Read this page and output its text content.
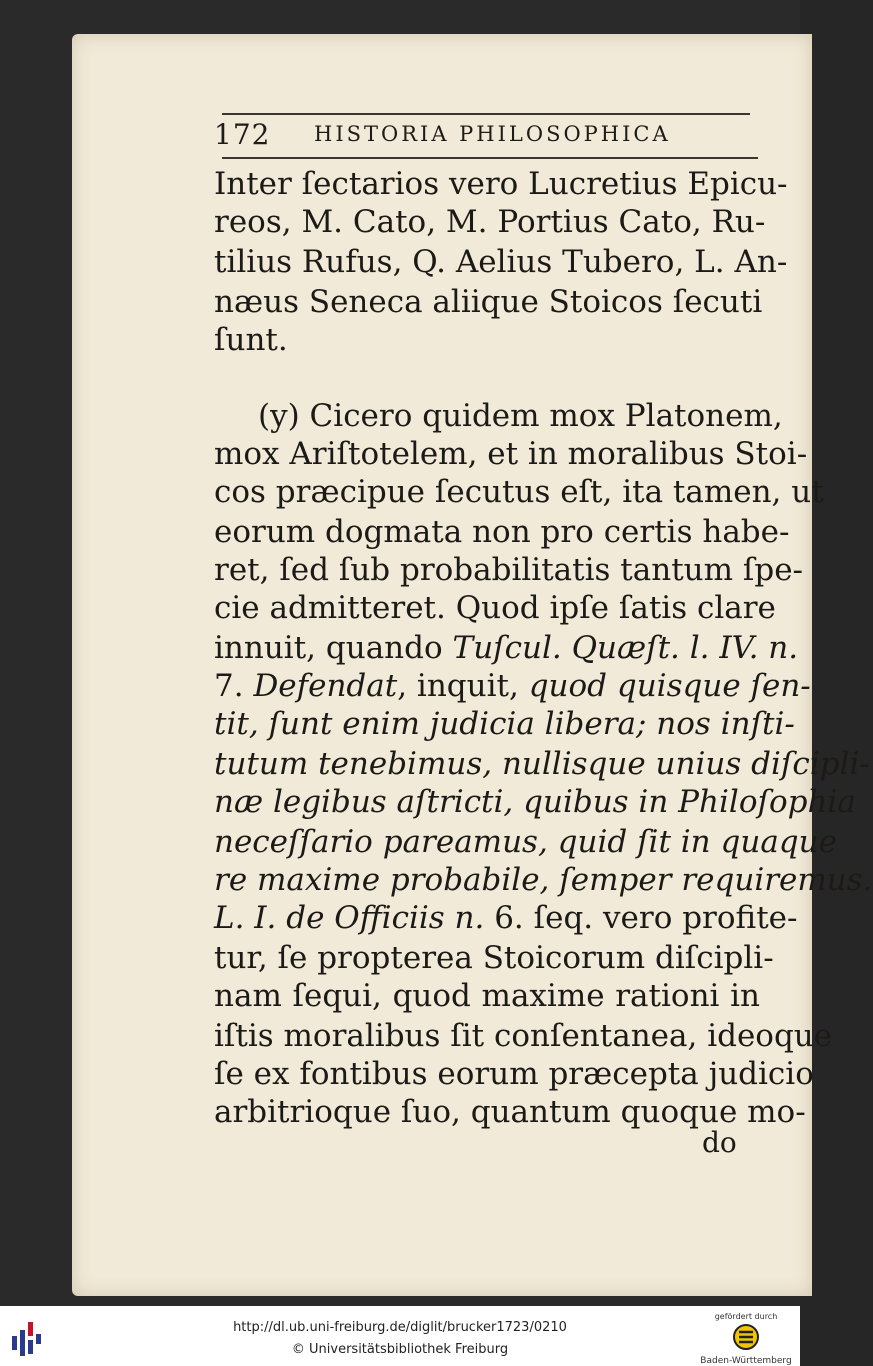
172 HISTORIA PHILOSOPHICA
Inter ſectarios vero Lucretius Epicu-
reos, M. Cato, M. Portius Cato, Ru-
tilius Rufus, Q. Aelius Tubero, L. An-
næus Seneca aliique Stoicos ſecuti
ſunt.
(y) Cicero quidem mox Platonem,
mox Ariſtotelem, et in moralibus Stoi-
cos præcipue ſecutus eſt, ita tamen, ut
eorum dogmata non pro certis habe-
ret, ſed ſub probabilitatis tantum ſpe-
cie admitteret. Quod ipſe ſatis clare
innuit, quando Tuſcul. Quæſt. l. IV. n.
7. Defendat, inquit, quod quisque ſen-
tit, ſunt enim judicia libera; nos inſti-
tutum tenebimus, nullisque unius diſcipli-
næ legibus aſtricti, quibus in Philoſophia
neceſſario pareamus, quid ſit in quaque
re maxime probabile, ſemper requiremus.
L. I. de Officiis n. 6. ſeq. vero profite-
tur, ſe propterea Stoicorum diſcipli-
nam ſequi, quod maxime rationi in
iſtis moralibus ſit conſentanea, ideoque
ſe ex fontibus eorum præcepta judicio
arbitrioque ſuo, quantum quoque mo-
do
http://dl.ub.uni-freiburg.de/diglit/brucker1723/0210
© Universitätsbibliothek Freiburg
gefördert durch
Baden-Württemberg
